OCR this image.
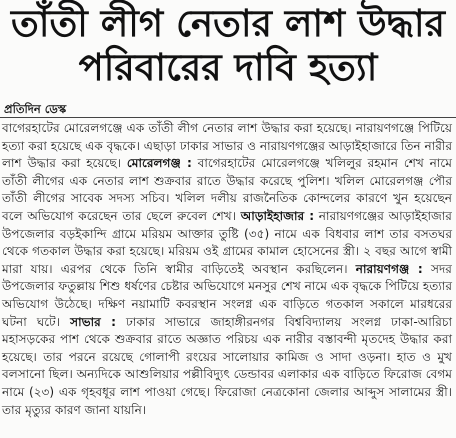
তাঁতী লীগ নেতার লাশ উদ্ধার
পরিবারের দাবি হত্যা
প্রতিদিন ডেস্ক
বাগেরহাটের মোরেলগঞ্জে এক তাঁতী লীগ নেতার লাশ উদ্ধার করা হয়েছে। নারায়ণগঞ্জে পিটিয়ে হত্যা করা হয়েছে এক বৃদ্ধকে। এছাড়া ঢাকার সাভার ও নারায়ণগঞ্জের আড়াইহাজারে তিন নারীর লাশ উদ্ধার করা হয়েছে। মোরেলগঞ্জ : বাগেরহাটের মোরেলগঞ্জে খলিলুর রহমান শেখ নামে তাঁতী লীগের এক নেতার লাশ শুক্রবার রাতে উদ্ধার করেছে পুলিশ। খলিল মোরেলগঞ্জ পৌর তাঁতী লীগের সাবেক সদস্য সচিব। খলিল দলীয় রাজনৈতিক কোন্দলের কারণে খুন হয়েছেন বলে অভিযোগ করেছেন তার ছেলে রুবেল শেখ। আড়াইহাজার : নারায়ণগঞ্জের আড়াইহাজার উপজেলার বড়ইকান্দি গ্রামে মরিয়ম আক্তার তুষ্টি (৩৫) নামে এক বিধবার লাশ তার বসতঘর থেকে গতকাল উদ্ধার করা হয়েছে। মরিয়ম ওই গ্রামের কামাল হোসেনের স্ত্রী। ২ বছর আগে স্বামী মারা যায়। এরপর থেকে তিনি স্বামীর বাড়িতেই অবস্থান করছিলেন। নারায়ণগঞ্জ : সদর উপজেলার ফতুল্লায় শিশু ধর্ষণের চেষ্টার অভিযোগে মনসুর শেখ নামে এক বৃদ্ধকে পিটিয়ে হত্যার অভিযোগ উঠেছে। দক্ষিণ নয়ামাটি কবরস্থান সংলগ্ন এক বাড়িতে গতকাল সকালে মারধরের ঘটনা ঘটে। সাভার : ঢাকার সাভারে জাহাঙ্গীরনগর বিশ্ববিদ্যালয় সংলগ্ন ঢাকা-আরিচা মহাসড়কের পাশ থেকে শুক্রবার রাতে অজ্ঞাত পরিচয় এক নারীর বস্তাবন্দী মৃতদেহ উদ্ধার করা হয়েছে। তার পরনে রয়েছে গোলাপী রংয়ের সালোয়ার কামিজ ও সাদা ওড়না। হাত ও মুখ বলসানো ছিল। অন্যদিকে আশুলিয়ার পল্লীবিদ্যুৎ ডেন্ডাবর এলাকার এক বাড়িতে ফিরোজ বেগম নামে (২৩) এক গৃহবধূর লাশ পাওয়া গেছে। ফিরোজা নেত্রকোনা জেলার আব্দুস সালামের স্ত্রী। তার মৃত্যুর কারণ জানা যায়নি।
